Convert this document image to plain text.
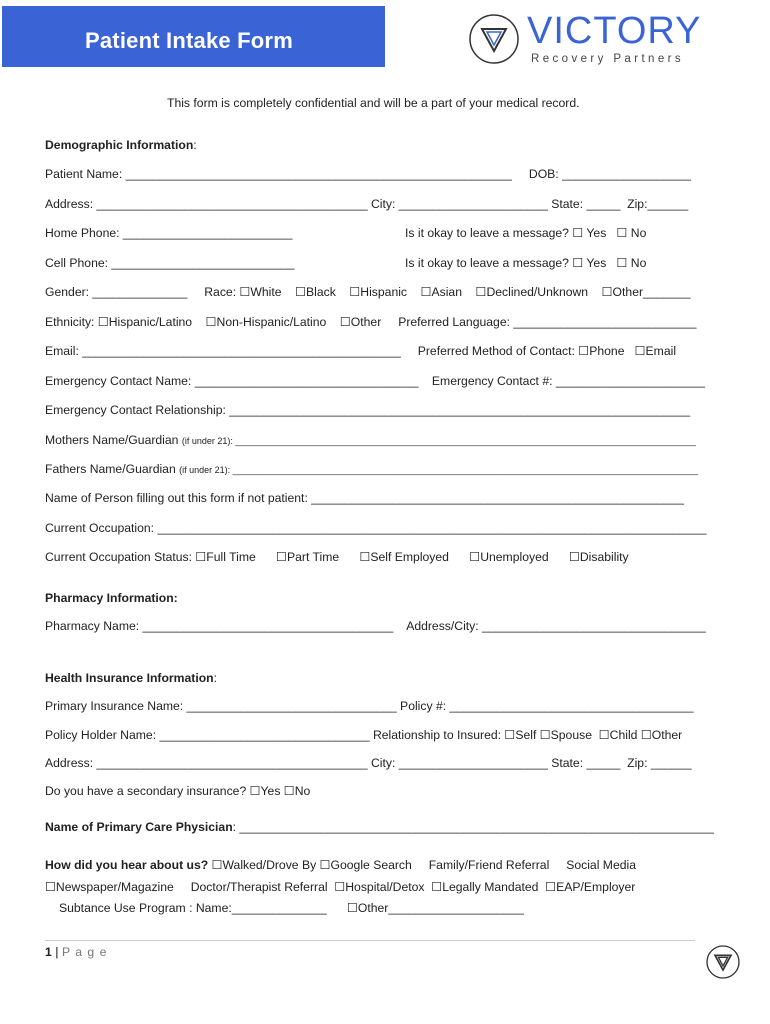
Patient Intake Form	VICTORY
Recovery Partners
This form is completely confidential and will be a part of your medical record.
Demographic Information:
Patient Name: _________________________________________________________     DOB: ___________________
Address: ________________________________________ City: ______________________ State: _____  Zip:______
Home Phone: _________________________	Is it okay to leave a message? ☐ Yes   ☐ No
Cell Phone: ___________________________	Is it okay to leave a message? ☐ Yes   ☐ No
Gender: ______________     Race: ☐White    ☐Black    ☐Hispanic    ☐Asian    ☐Declined/Unknown    ☐Other_______
Ethnicity: ☐Hispanic/Latino    ☐Non-Hispanic/Latino    ☐Other     Preferred Language: ___________________________
Email: _______________________________________________     Preferred Method of Contact: ☐Phone   ☐Email
Emergency Contact Name: _________________________________    Emergency Contact #: ______________________
Emergency Contact Relationship: ____________________________________________________________________
Mothers Name/Guardian (if under 21): ____________________________________________________________________________________________
Fathers Name/Guardian (if under 21): _____________________________________________________________________________________________
Name of Person filling out this form if not patient: _______________________________________________________
Current Occupation: _________________________________________________________________________________
Current Occupation Status: ☐Full Time      ☐Part Time      ☐Self Employed      ☐Unemployed      ☐Disability
Pharmacy Information:
Pharmacy Name: _____________________________________    Address/City: _________________________________
Health Insurance Information:
Primary Insurance Name: _______________________________ Policy #: ____________________________________
Policy Holder Name: _______________________________ Relationship to Insured: ☐Self ☐Spouse  ☐Child ☐Other
Address: ________________________________________ City: ______________________ State: _____  Zip: ______
Do you have a secondary insurance? ☐Yes ☐No
Name of Primary Care Physician: ______________________________________________________________________
How did you hear about us? ☐Walked/Drove By ☐Google Search     Family/Friend Referral     Social Media
☐Newspaper/Magazine     Doctor/Therapist Referral  ☐Hospital/Detox  ☐Legally Mandated  ☐EAP/Employer
Subtance Use Program : Name:______________      ☐Other____________________
1 | P a g e
